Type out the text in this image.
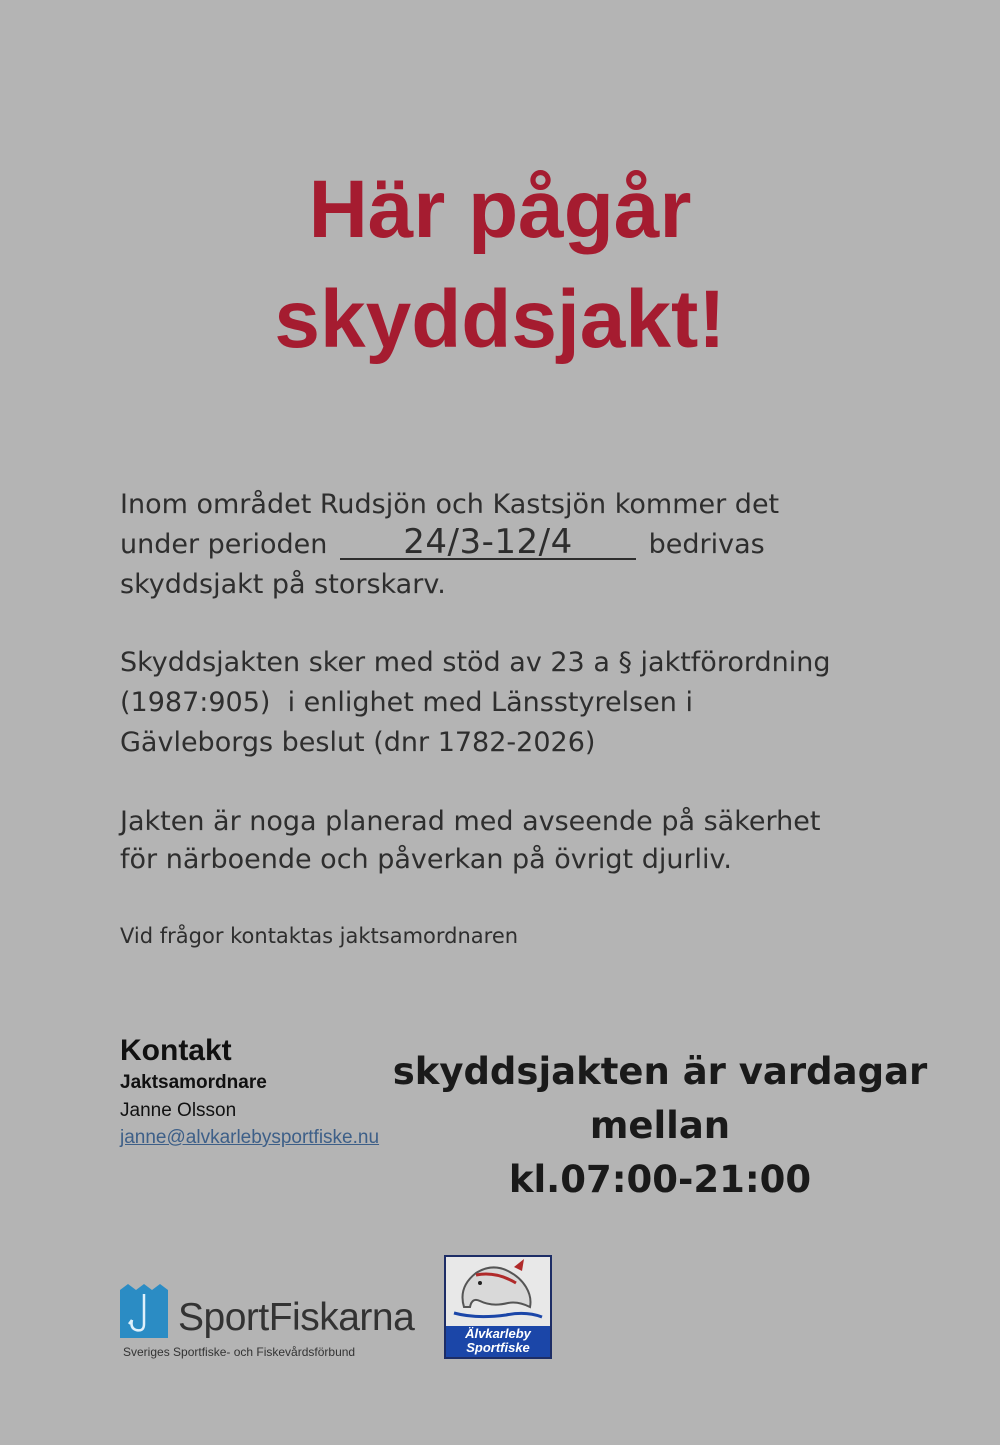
Här pågår
skyddsjakt!
Inom området Rudsjön och Kastsjön kommer det
under perioden 24/3-12/4	bedrivas
skyddsjakt på storskarv.
Skyddsjakten sker med stöd av 23 a § jaktförordning
(1987:905)  i enlighet med Länsstyrelsen i
Gävleborgs beslut (dnr 1782-2026)
Jakten är noga planerad med avseende på säkerhet
för närboende och påverkan på övrigt djurliv.
Vid frågor kontaktas jaktsamordnaren
Kontakt
Jaktsamordnare
Janne Olsson
janne@alvkarlebysportfiske.nu
skyddsjakten är vardagar mellan
kl.07:00-21:00
SportFiskarna
Sveriges Sportfiske- och Fiskevårdsförbund
Älvkarleby
Sportfiske
